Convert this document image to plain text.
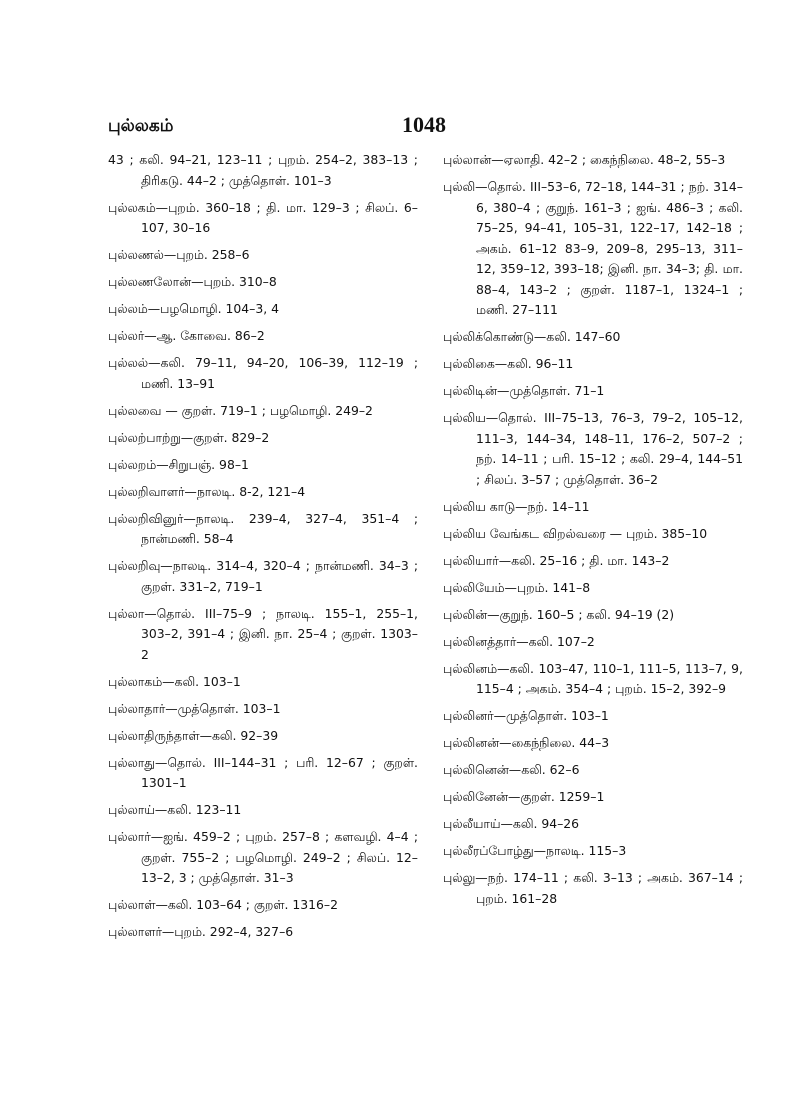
புல்லகம்	1048
43 ; கலி. 94–21, 123–11 ; புறம். 254–2, 383–13 ; திரிகடு. 44–2 ; முத்தொள். 101–3
புல்லகம்—புறம். 360–18 ; தி. மா. 129–3 ; சிலப். 6–107, 30–16
புல்லணல்—புறம். 258–6
புல்லணலோன்—புறம். 310–8
புல்லம்—பழமொழி. 104–3, 4
புல்லர்—ஆ. கோவை. 86–2
புல்லல்—கலி. 79–11, 94–20, 106–39, 112–19 ; மணி. 13–91
புல்லவை — குறள். 719–1 ; பழமொழி. 249–2
புல்லற்பாற்று—குறள். 829–2
புல்லறம்—சிறுபஞ். 98–1
புல்லறிவாளர்—நாலடி. 8-2, 121–4
புல்லறிவினுர்—நாலடி. 239–4, 327–4, 351–4 ; நான்மணி. 58–4
புல்லறிவு—நாலடி. 314–4, 320–4 ; நான்மணி. 34–3 ; குறள். 331–2, 719–1
புல்லா—தொல். III–75–9 ; நாலடி. 155–1, 255–1, 303–2, 391–4 ; இனி. நா. 25–4 ; குறள். 1303–2
புல்லாகம்—கலி. 103–1
புல்லாதார்—முத்தொள். 103–1
புல்லாதிருந்தாள்—கலி. 92–39
புல்லாது—தொல். III–144–31 ; பரி. 12–67 ; குறள். 1301–1
புல்லாய்—கலி. 123–11
புல்லார்—ஐங். 459–2 ; புறம். 257–8 ; களவழி. 4–4 ; குறள். 755–2 ; பழமொழி. 249–2 ; சிலப். 12–13–2, 3 ; முத்தொள். 31–3
புல்லாள்—கலி. 103–64 ; குறள். 1316–2
புல்லாளர்—புறம். 292–4, 327–6
புல்லான்—ஏலாதி. 42–2 ; கைந்நிலை. 48–2, 55–3
புல்லி—தொல். III–53–6, 72–18, 144–31 ; நற். 314–6, 380–4 ; குறுந். 161–3 ; ஐங். 486–3 ; கலி. 75–25, 94–41, 105–31, 122–17, 142–18 ; அகம். 61–12 83–9, 209–8, 295–13, 311–12, 359–12, 393–18; இனி. நா. 34–3; தி. மா. 88–4, 143–2 ; குறள். 1187–1, 1324–1 ; மணி. 27–111
புல்லிக்கொண்டு—கலி. 147–60
புல்லிகை—கலி. 96–11
புல்லிடின்—முத்தொள். 71–1
புல்லிய—தொல். III–75–13, 76–3, 79–2, 105–12, 111–3, 144–34, 148–11, 176–2, 507–2 ; நற். 14–11 ; பரி. 15–12 ; கலி. 29–4, 144–51 ; சிலப். 3–57 ; முத்தொள். 36–2
புல்லிய காடு—நற். 14–11
புல்லிய வேங்கட விறல்வரை — புறம். 385–10
புல்லியார்—கலி. 25–16 ; தி. மா. 143–2
புல்லியேம்—புறம். 141–8
புல்லின்—குறுந். 160–5 ; கலி. 94–19 (2)
புல்லினத்தார்—கலி. 107–2
புல்லினம்—கலி. 103–47, 110–1, 111–5, 113–7, 9, 115–4 ; அகம். 354–4 ; புறம். 15–2, 392–9
புல்லினர்—முத்தொள். 103–1
புல்லினன்—கைந்நிலை. 44–3
புல்லினென்—கலி. 62–6
புல்லினேன்—குறள். 1259–1
புல்லீயாய்—கலி. 94–26
புல்லீரப்போழ்து—நாலடி. 115–3
புல்லு—நற். 174–11 ; கலி. 3–13 ; அகம். 367–14 ; புறம். 161–28
